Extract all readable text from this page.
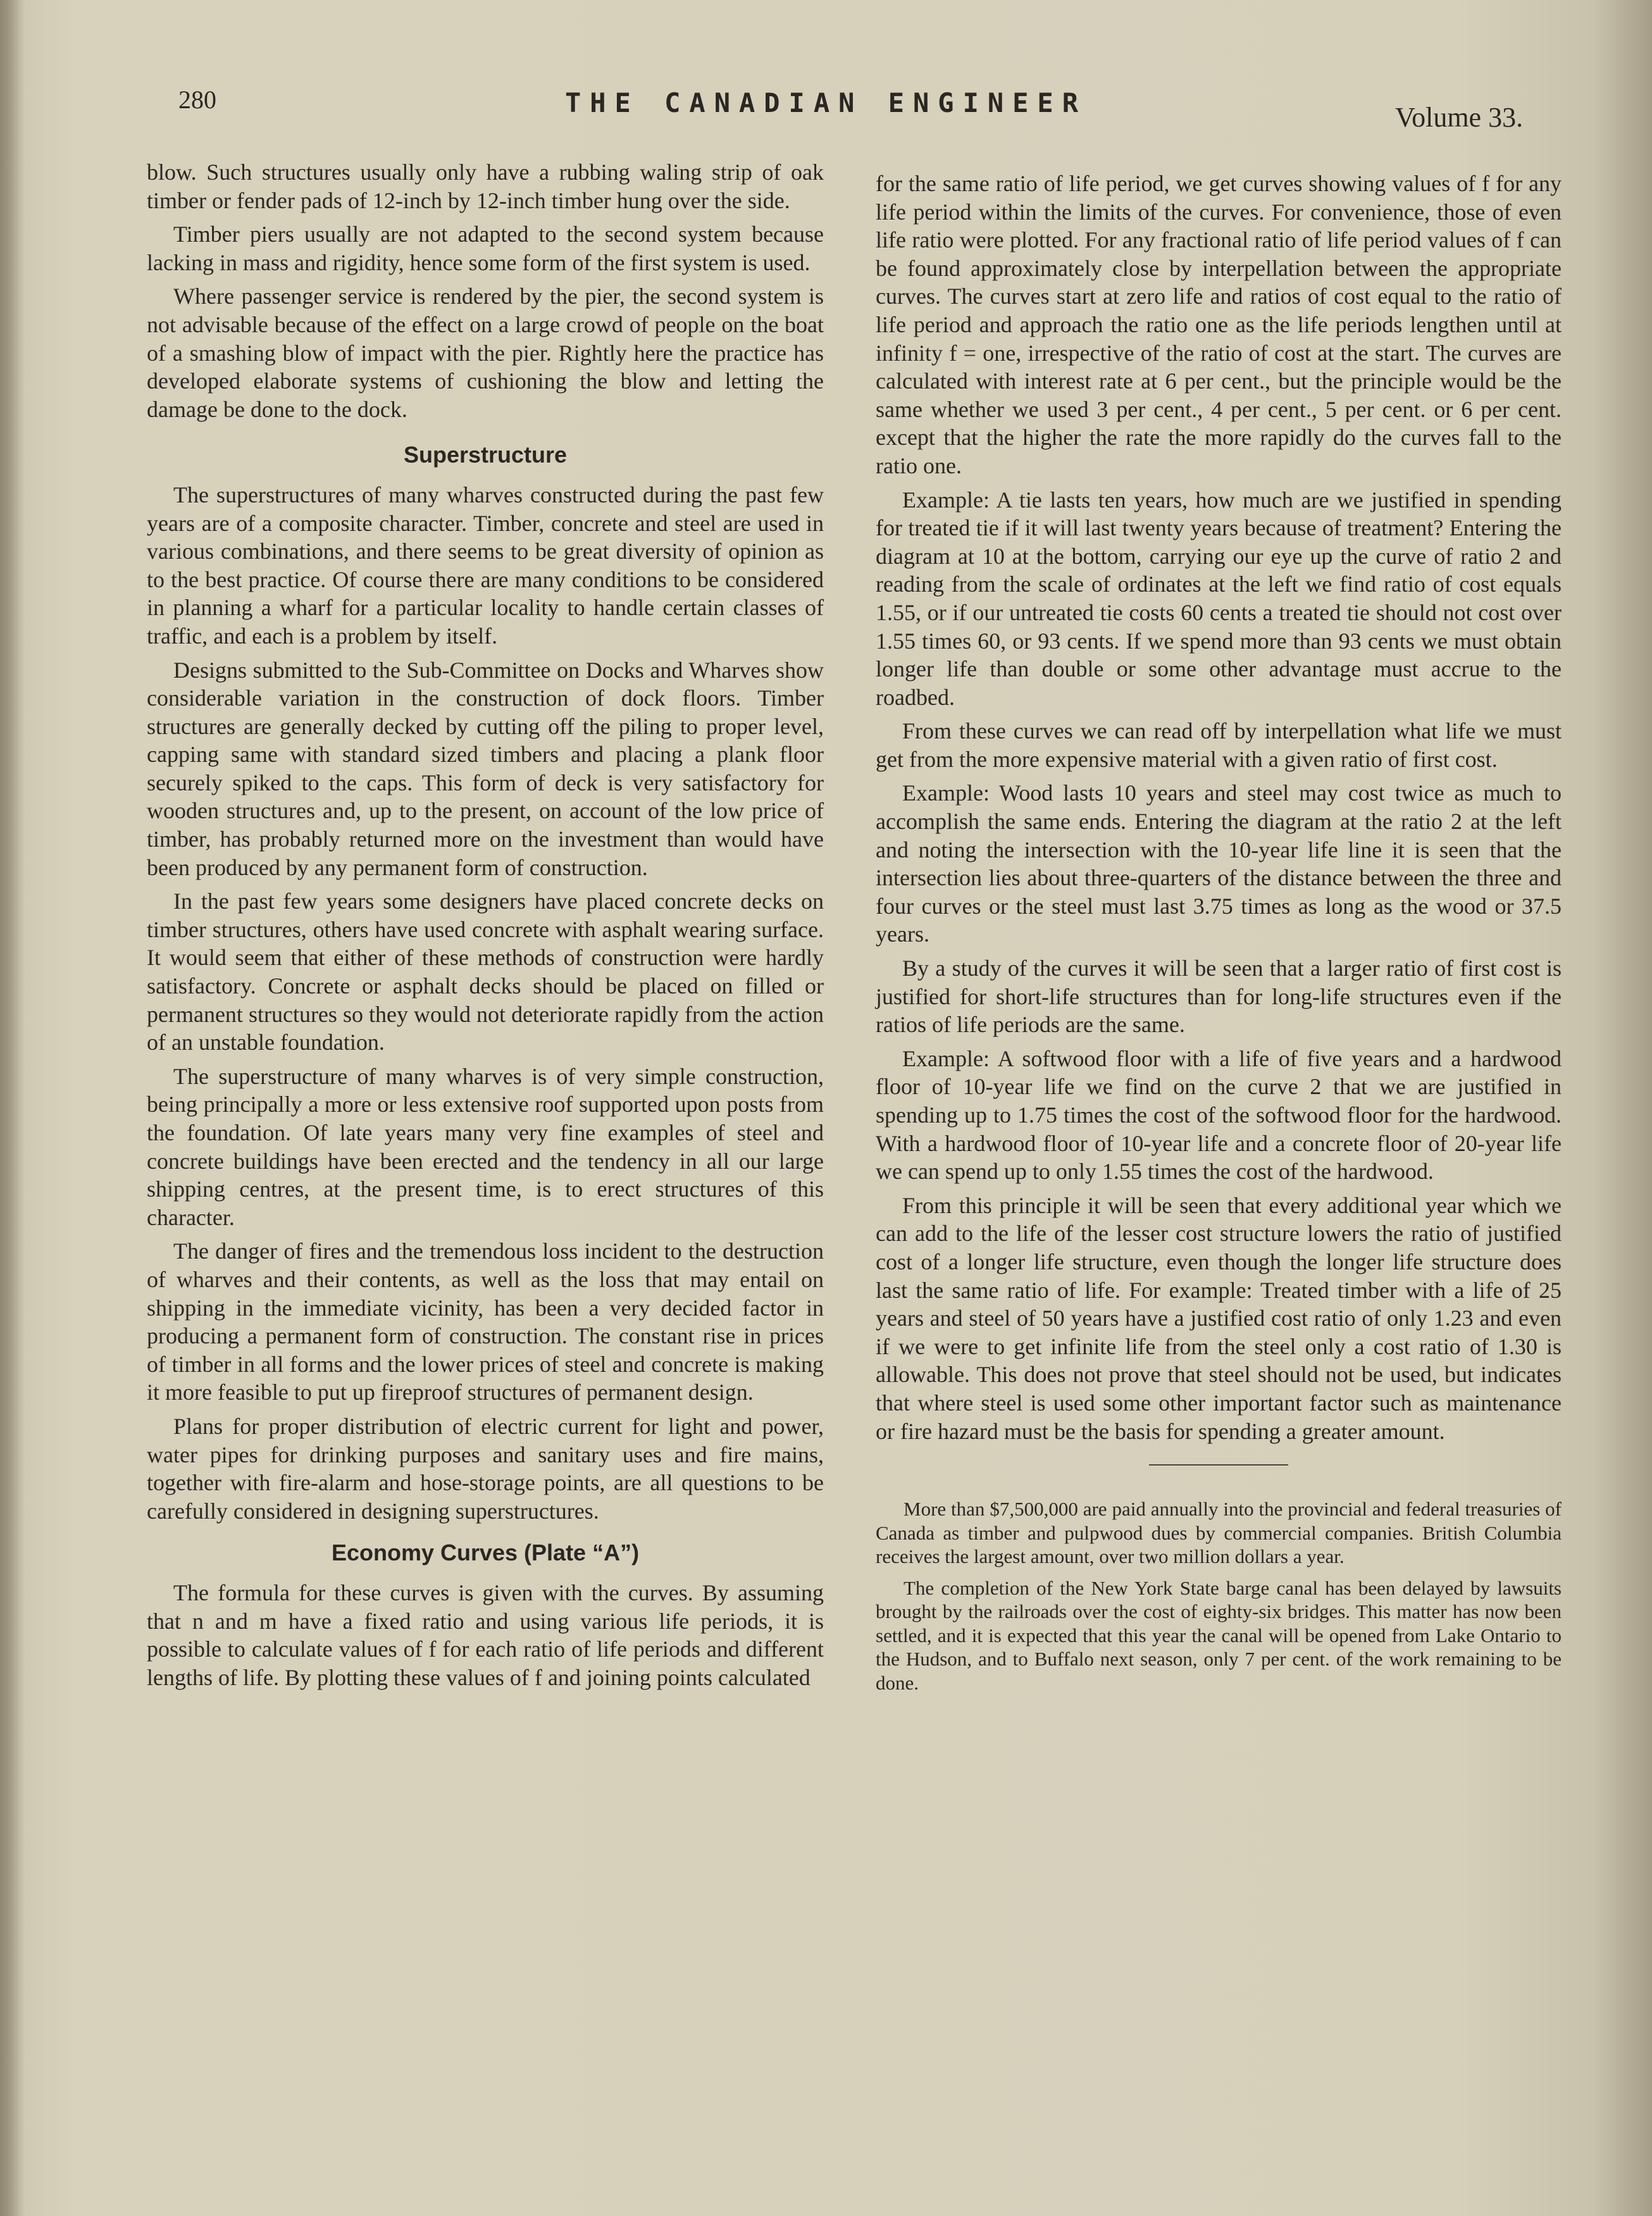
280	THE CANADIAN ENGINEER	Volume 33.

blow. Such structures usually only have a rubbing waling strip of oak timber or fender pads of 12-inch by 12-inch timber hung over the side.

Timber piers usually are not adapted to the second system because lacking in mass and rigidity, hence some form of the first system is used.

Where passenger service is rendered by the pier, the second system is not advisable because of the effect on a large crowd of people on the boat of a smashing blow of impact with the pier. Rightly here the practice has developed elaborate systems of cushioning the blow and letting the damage be done to the dock.

Superstructure

The superstructures of many wharves constructed during the past few years are of a composite character. Timber, concrete and steel are used in various combinations, and there seems to be great diversity of opinion as to the best practice. Of course there are many conditions to be considered in planning a wharf for a particular locality to handle certain classes of traffic, and each is a problem by itself.

Designs submitted to the Sub-Committee on Docks and Wharves show considerable variation in the construction of dock floors. Timber structures are generally decked by cutting off the piling to proper level, capping same with standard sized timbers and placing a plank floor securely spiked to the caps. This form of deck is very satisfactory for wooden structures and, up to the present, on account of the low price of timber, has probably returned more on the investment than would have been produced by any permanent form of construction.

In the past few years some designers have placed concrete decks on timber structures, others have used concrete with asphalt wearing surface. It would seem that either of these methods of construction were hardly satisfactory. Concrete or asphalt decks should be placed on filled or permanent structures so they would not deteriorate rapidly from the action of an unstable foundation.

The superstructure of many wharves is of very simple construction, being principally a more or less extensive roof supported upon posts from the foundation. Of late years many very fine examples of steel and concrete buildings have been erected and the tendency in all our large shipping centres, at the present time, is to erect structures of this character.

The danger of fires and the tremendous loss incident to the destruction of wharves and their contents, as well as the loss that may entail on shipping in the immediate vicinity, has been a very decided factor in producing a permanent form of construction. The constant rise in prices of timber in all forms and the lower prices of steel and concrete is making it more feasible to put up fireproof structures of permanent design.

Plans for proper distribution of electric current for light and power, water pipes for drinking purposes and sanitary uses and fire mains, together with fire-alarm and hose-storage points, are all questions to be carefully considered in designing superstructures.

Economy Curves (Plate “A”)

The formula for these curves is given with the curves. By assuming that n and m have a fixed ratio and using various life periods, it is possible to calculate values of f for each ratio of life periods and different lengths of life. By plotting these values of f and joining points calculated

for the same ratio of life period, we get curves showing values of f for any life period within the limits of the curves. For convenience, those of even life ratio were plotted. For any fractional ratio of life period values of f can be found approximately close by interpellation between the appropriate curves. The curves start at zero life and ratios of cost equal to the ratio of life period and approach the ratio one as the life periods lengthen until at infinity f = one, irrespective of the ratio of cost at the start. The curves are calculated with interest rate at 6 per cent., but the principle would be the same whether we used 3 per cent., 4 per cent., 5 per cent. or 6 per cent. except that the higher the rate the more rapidly do the curves fall to the ratio one.

Example: A tie lasts ten years, how much are we justified in spending for treated tie if it will last twenty years because of treatment? Entering the diagram at 10 at the bottom, carrying our eye up the curve of ratio 2 and reading from the scale of ordinates at the left we find ratio of cost equals 1.55, or if our untreated tie costs 60 cents a treated tie should not cost over 1.55 times 60, or 93 cents. If we spend more than 93 cents we must obtain longer life than double or some other advantage must accrue to the roadbed.

From these curves we can read off by interpellation what life we must get from the more expensive material with a given ratio of first cost.

Example: Wood lasts 10 years and steel may cost twice as much to accomplish the same ends. Entering the diagram at the ratio 2 at the left and noting the intersection with the 10-year life line it is seen that the intersection lies about three-quarters of the distance between the three and four curves or the steel must last 3.75 times as long as the wood or 37.5 years.

By a study of the curves it will be seen that a larger ratio of first cost is justified for short-life structures than for long-life structures even if the ratios of life periods are the same.

Example: A softwood floor with a life of five years and a hardwood floor of 10-year life we find on the curve 2 that we are justified in spending up to 1.75 times the cost of the softwood floor for the hardwood. With a hardwood floor of 10-year life and a concrete floor of 20-year life we can spend up to only 1.55 times the cost of the hardwood.

From this principle it will be seen that every additional year which we can add to the life of the lesser cost structure lowers the ratio of justified cost of a longer life structure, even though the longer life structure does last the same ratio of life. For example: Treated timber with a life of 25 years and steel of 50 years have a justified cost ratio of only 1.23 and even if we were to get infinite life from the steel only a cost ratio of 1.30 is allowable. This does not prove that steel should not be used, but indicates that where steel is used some other important factor such as maintenance or fire hazard must be the basis for spending a greater amount.

More than $7,500,000 are paid annually into the provincial and federal treasuries of Canada as timber and pulpwood dues by commercial companies. British Columbia receives the largest amount, over two million dollars a year.

The completion of the New York State barge canal has been delayed by lawsuits brought by the railroads over the cost of eighty-six bridges. This matter has now been settled, and it is expected that this year the canal will be opened from Lake Ontario to the Hudson, and to Buffalo next season, only 7 per cent. of the work remaining to be done.
